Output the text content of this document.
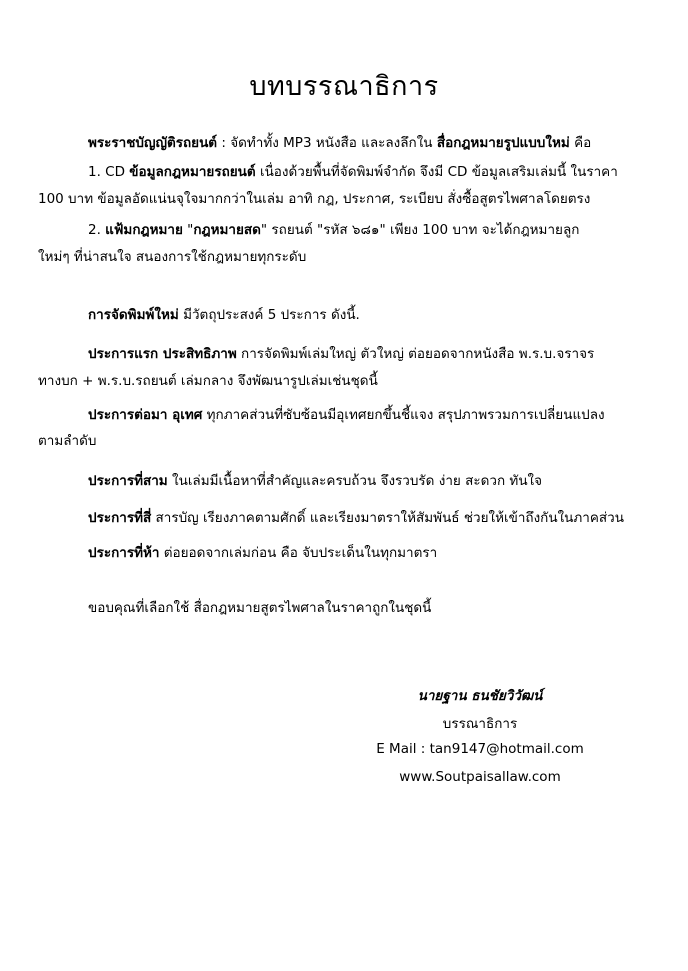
บทบรรณาธิการ
พระราชบัญญัติรถยนต์ : จัดทำทั้ง MP3 หนังสือ และลงลึกใน สื่อกฎหมายรูปแบบใหม่ คือ
1. CD ข้อมูลกฎหมายรถยนต์ เนื่องด้วยพื้นที่จัดพิมพ์จำกัด จึงมี CD ข้อมูลเสริมเล่มนี้ ในราคา
100 บาท ข้อมูลอัดแน่นจุใจมากกว่าในเล่ม อาทิ กฎ, ประกาศ, ระเบียบ สั่งซื้อสูตรไพศาลโดยตรง
2. แฟ้มกฎหมาย "กฎหมายสด" รถยนต์ "รหัส ๖๘๑" เพียง 100 บาท จะได้กฎหมายลูก
ใหม่ๆ ที่น่าสนใจ สนองการใช้กฎหมายทุกระดับ
การจัดพิมพ์ใหม่ มีวัตถุประสงค์ 5 ประการ ดังนี้.
ประการแรก ประสิทธิภาพ การจัดพิมพ์เล่มใหญ่ ตัวใหญ่ ต่อยอดจากหนังสือ พ.ร.บ.จราจร
ทางบก + พ.ร.บ.รถยนต์ เล่มกลาง จึงพัฒนารูปเล่มเช่นชุดนี้
ประการต่อมา อุเทศ ทุกภาคส่วนที่ซับซ้อนมีอุเทศยกขึ้นชี้แจง สรุปภาพรวมการเปลี่ยนแปลง
ตามลำดับ
ประการที่สาม ในเล่มมีเนื้อหาที่สำคัญและครบถ้วน จึงรวบรัด ง่าย สะดวก ทันใจ
ประการที่สี่ สารบัญ เรียงภาคตามศักดิ์ และเรียงมาตราให้สัมพันธ์ ช่วยให้เข้าถึงกันในภาคส่วน
ประการที่ห้า ต่อยอดจากเล่มก่อน คือ จับประเด็นในทุกมาตรา
ขอบคุณที่เลือกใช้ สื่อกฎหมายสูตรไพศาลในราคาถูกในชุดนี้
นายฐาน ธนชัยวิวัฒน์
บรรณาธิการ
E Mail : tan9147@hotmail.com
www.Soutpaisallaw.com
